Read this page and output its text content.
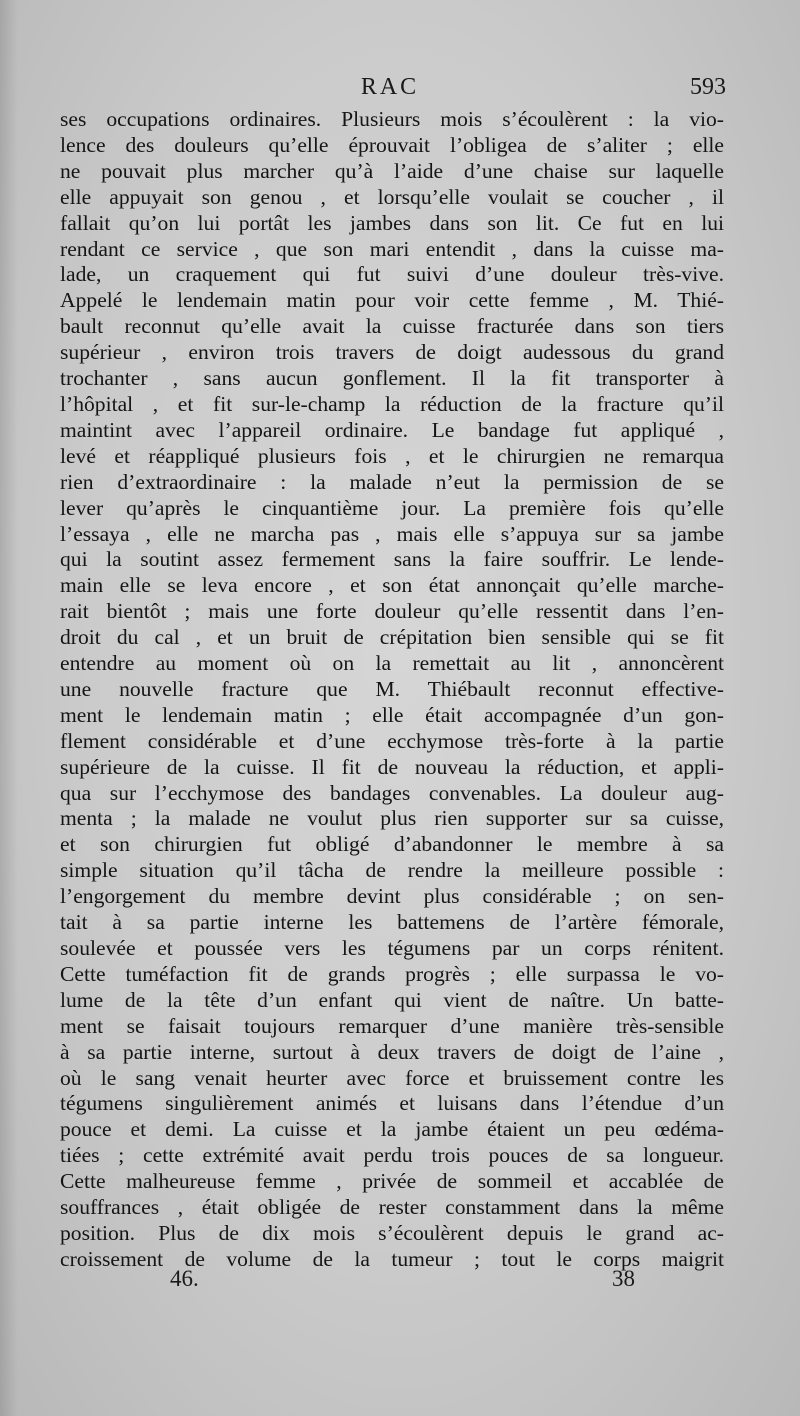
RAC	593
ses occupations ordinaires. Plusieurs mois s’écoulèrent : la vio-
lence des douleurs qu’elle éprouvait l’obligea de s’aliter ; elle
ne pouvait plus marcher qu’à l’aide d’une chaise sur laquelle
elle appuyait son genou , et lorsqu’elle voulait se coucher , il
fallait qu’on lui portât les jambes dans son lit. Ce fut en lui
rendant ce service , que son mari entendit , dans la cuisse ma-
lade, un craquement qui fut suivi d’une douleur très-vive.
Appelé le lendemain matin pour voir cette femme , M. Thié-
bault reconnut qu’elle avait la cuisse fracturée dans son tiers
supérieur , environ trois travers de doigt audessous du grand
trochanter , sans aucun gonflement. Il la fit transporter à
l’hôpital , et fit sur-le-champ la réduction de la fracture qu’il
maintint avec l’appareil ordinaire. Le bandage fut appliqué ,
levé et réappliqué plusieurs fois , et le chirurgien ne remarqua
rien d’extraordinaire : la malade n’eut la permission de se
lever qu’après le cinquantième jour. La première fois qu’elle
l’essaya , elle ne marcha pas , mais elle s’appuya sur sa jambe
qui la soutint assez fermement sans la faire souffrir. Le lende-
main elle se leva encore , et son état annonçait qu’elle marche-
rait bientôt ; mais une forte douleur qu’elle ressentit dans l’en-
droit du cal , et un bruit de crépitation bien sensible qui se fit
entendre au moment où on la remettait au lit , annoncèrent
une nouvelle fracture que M. Thiébault reconnut effective-
ment le lendemain matin ; elle était accompagnée d’un gon-
flement considérable et d’une ecchymose très-forte à la partie
supérieure de la cuisse. Il fit de nouveau la réduction, et appli-
qua sur l’ecchymose des bandages convenables. La douleur aug-
menta ; la malade ne voulut plus rien supporter sur sa cuisse,
et son chirurgien fut obligé d’abandonner le membre à sa
simple situation qu’il tâcha de rendre la meilleure possible :
l’engorgement du membre devint plus considérable ; on sen-
tait à sa partie interne les battemens de l’artère fémorale,
soulevée et poussée vers les tégumens par un corps rénitent.
Cette tuméfaction fit de grands progrès ; elle surpassa le vo-
lume de la tête d’un enfant qui vient de naître. Un batte-
ment se faisait toujours remarquer d’une manière très-sensible
à sa partie interne, surtout à deux travers de doigt de l’aine ,
où le sang venait heurter avec force et bruissement contre les
tégumens singulièrement animés et luisans dans l’étendue d’un
pouce et demi. La cuisse et la jambe étaient un peu œdéma-
tiées ; cette extrémité avait perdu trois pouces de sa longueur.
Cette malheureuse femme , privée de sommeil et accablée de
souffrances , était obligée de rester constamment dans la même
position. Plus de dix mois s’écoulèrent depuis le grand ac-
croissement de volume de la tumeur ; tout le corps maigrit
46.	38
